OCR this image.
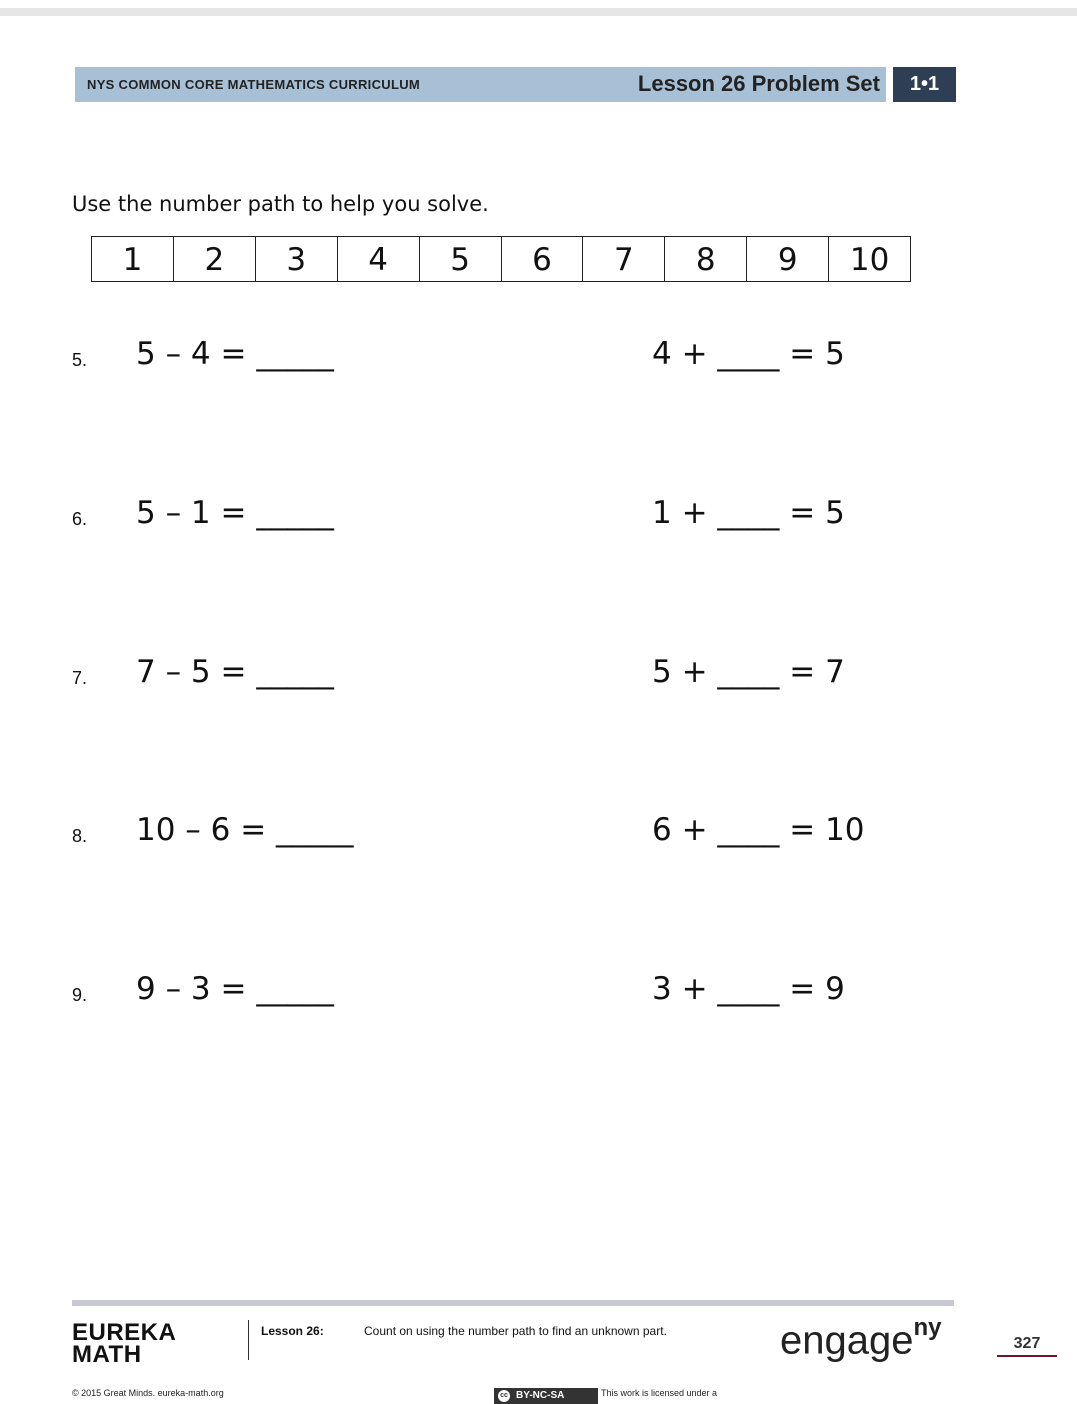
NYS COMMON CORE MATHEMATICS CURRICULUM	Lesson 26 Problem Set	1•1
Use the number path to help you solve.
1	2	3	4	5	6	7	8	9	10
5. 5 – 4 = _____	4 + ____ = 5
6. 5 – 1 = _____	1 + ____ = 5
7. 7 – 5 = _____	5 + ____ = 7
8. 10 – 6 = _____	6 + ____ = 10
9. 9 – 3 = _____	3 + ____ = 9
EUREKA
MATH
Lesson 26:	Count on using the number path to find an unknown part.	engage$^{ny}$
327
© 2015 Great Minds. eureka-math.org	cc BY-NC-SA	This work is licensed under a
